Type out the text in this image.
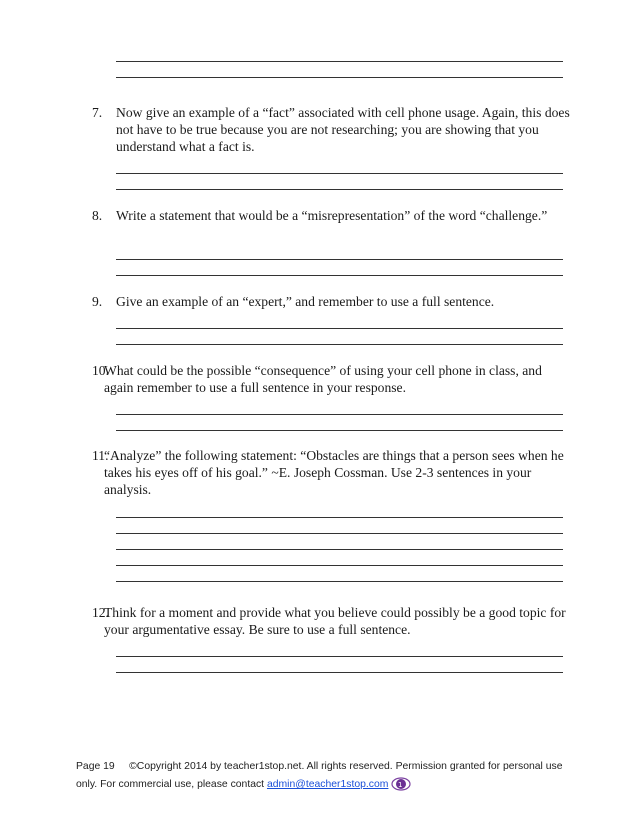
7. Now give an example of a “fact” associated with cell phone usage. Again, this does not have to be true because you are not researching; you are showing that you understand what a fact is.
8. Write a statement that would be a “misrepresentation” of the word “challenge.”
9. Give an example of an “expert,” and remember to use a full sentence.
10.
What could be the possible “consequence” of using your cell phone in class, and again remember to use a full sentence in your response.
11.
“Analyze” the following statement: “Obstacles are things that a person sees when he takes his eyes off of his goal.” ~E. Joseph Cossman. Use 2-3 sentences in your analysis.
12.
Think for a moment and provide what you believe could possibly be a good topic for your argumentative essay. Be sure to use a full sentence.
Page 19 ©Copyright 2014 by teacher1stop.net. All rights reserved. Permission granted for personal use only. For commercial use, please contact admin@teacher1stop.com 1
